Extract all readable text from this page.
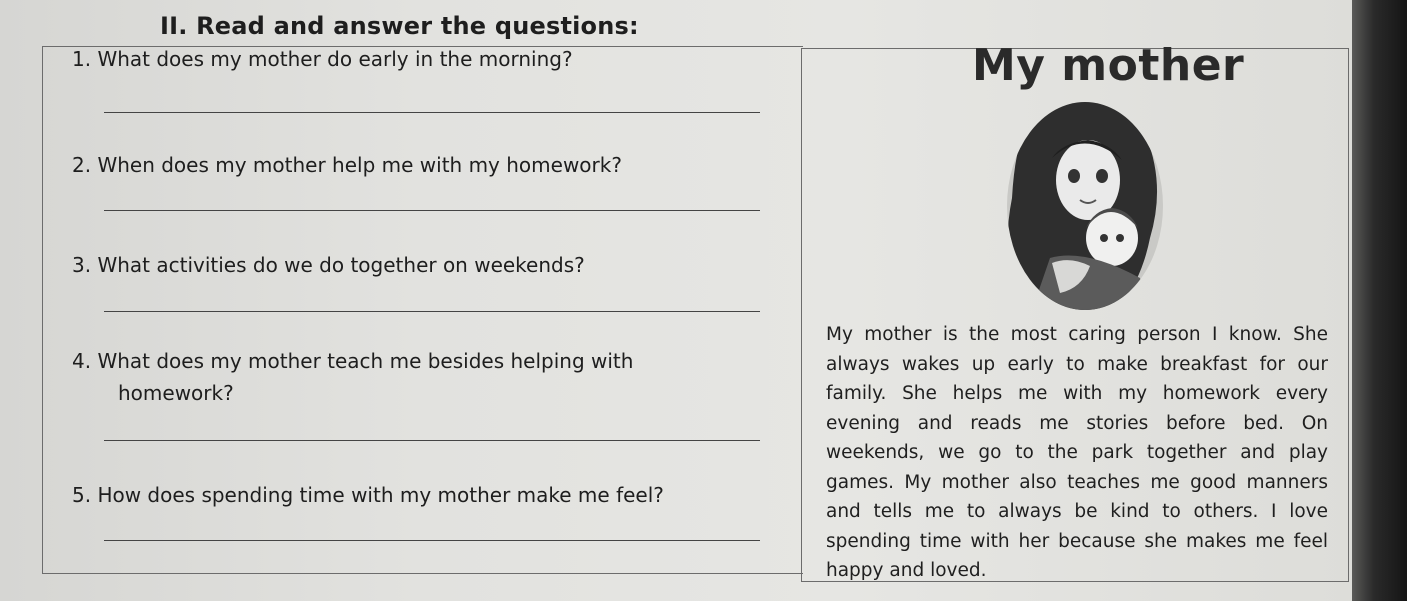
II. Read and answer the questions:
1. What does my mother do early in the morning?
2. When does my mother help me with my homework?
3. What activities do we do together on weekends?
4. What does my mother teach me besides helping with
homework?
5. How does spending time with my mother make me feel?
My mother
My mother is the most caring person I know. She always wakes up early to make breakfast for our family. She helps me with my homework every evening and reads me stories before bed. On weekends, we go to the park together and play games. My mother also teaches me good manners and tells me to always be kind to others. I love spending time with her because she makes me feel happy and loved.
